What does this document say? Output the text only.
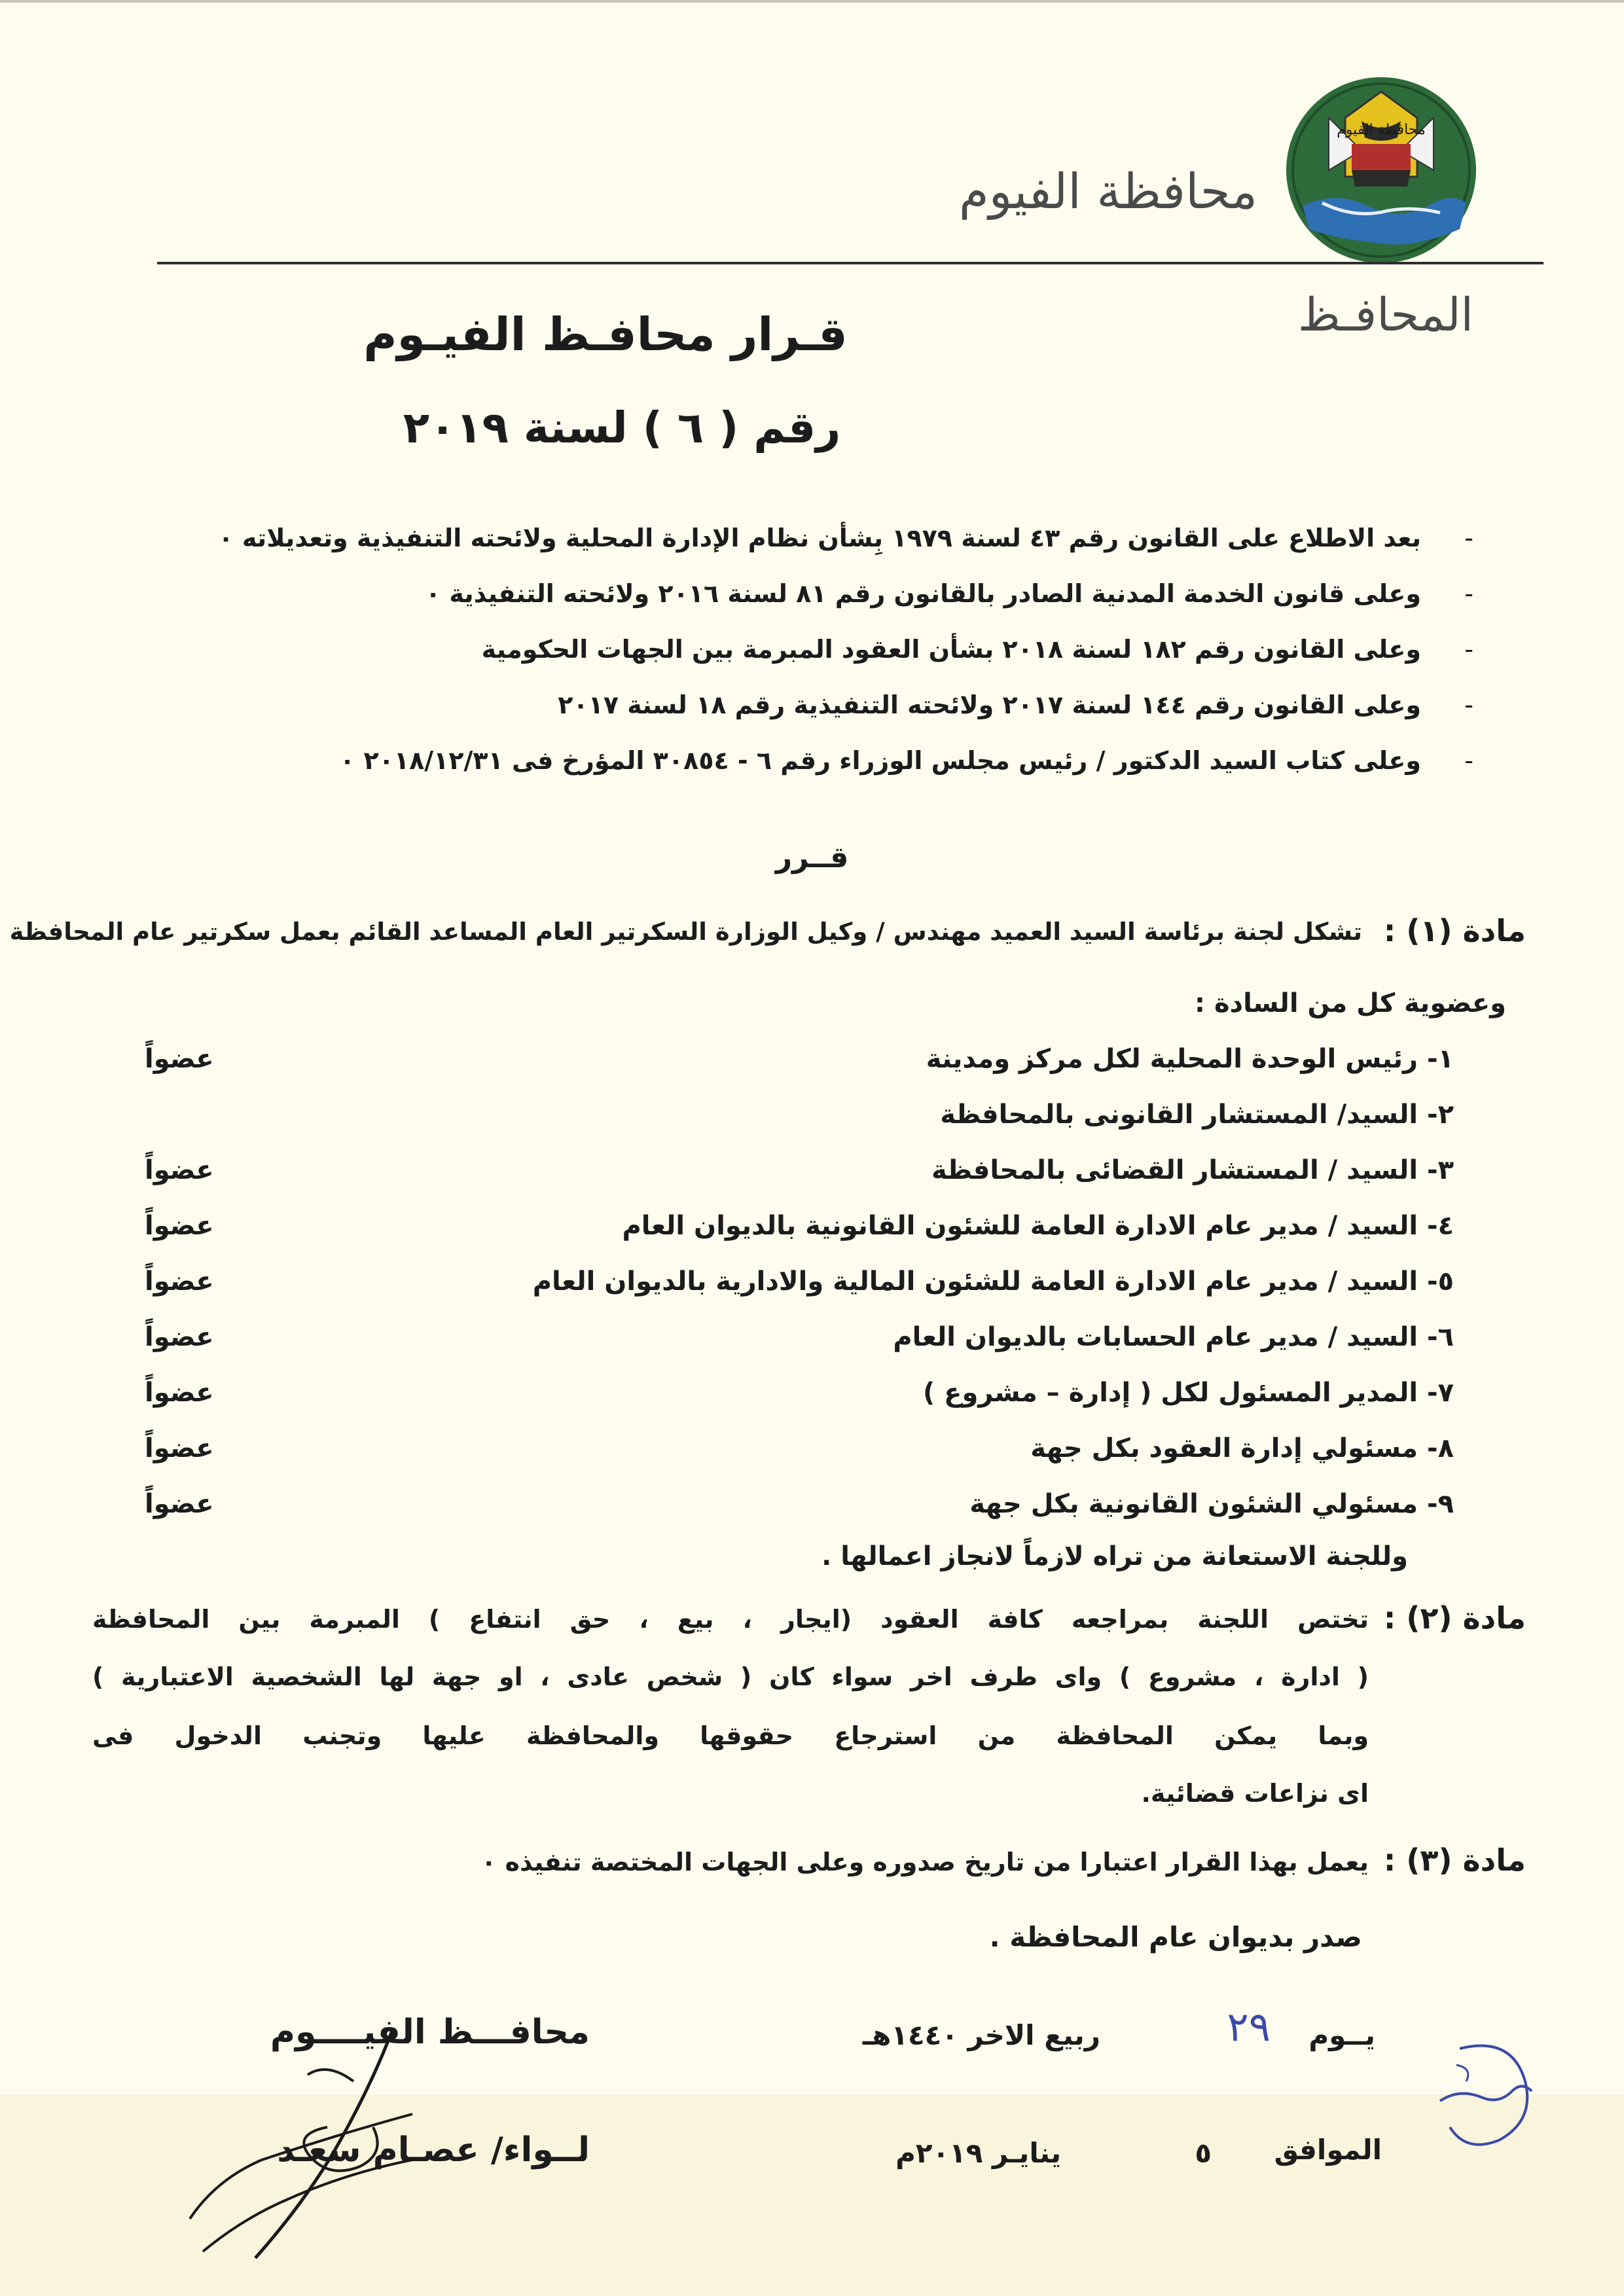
محافظة الفيوم
محافظة الفيوم
المحافـظ
قـرار محافـظ الفيـوم
رقم ( ٦ ) لسنة ٢٠١٩
-بعد الاطلاع على القانون رقم ٤٣ لسنة ١٩٧٩ بِشأن نظام الإدارة المحلية ولائحته التنفيذية وتعديلاته ٠
-وعلى قانون الخدمة المدنية الصادر بالقانون رقم ٨١ لسنة ٢٠١٦ ولائحته التنفيذية ٠
-وعلى القانون رقم ١٨٢ لسنة ٢٠١٨ بشأن العقود المبرمة بين الجهات الحكومية
-وعلى القانون رقم ١٤٤ لسنة ٢٠١٧ ولائحته التنفيذية رقم ١٨ لسنة ٢٠١٧
-وعلى كتاب السيد الدكتور / رئيس مجلس الوزراء رقم ٦ - ٣٠٨٥٤ المؤرخ فى ٢٠١٨/١٢/٣١ ٠
قــرر
مادة (١) :
تشكل لجنة برئاسة السيد العميد مهندس / وكيل الوزارة السكرتير العام المساعد القائم بعمل سكرتير عام المحافظة
وعضوية كل من السادة :
١- رئيس الوحدة المحلية لكل مركز ومدينة
عضواً
٢- السيد/ المستشار القانونى بالمحافظة
٣- السيد / المستشار القضائى بالمحافظة
عضواً
٤- السيد / مدير عام الادارة العامة للشئون القانونية بالديوان العام
عضواً
٥- السيد / مدير عام الادارة العامة للشئون المالية والادارية بالديوان العام
عضواً
٦- السيد / مدير عام الحسابات بالديوان العام
عضواً
٧- المدير المسئول لكل ( إدارة – مشروع )
عضواً
٨- مسئولي إدارة العقود بكل جهة
عضواً
٩- مسئولي الشئون القانونية بكل جهة
عضواً
وللجنة الاستعانة من تراه لازماً لانجاز اعمالها .
مادة (٢) :
تختص اللجنة بمراجعه كافة العقود (ايجار ، بيع ، حق انتفاع ) المبرمة بين المحافظة
( ادارة ، مشروع ) واى طرف اخر سواء كان ( شخص عادى ، او جهة لها الشخصية الاعتبارية )
وبما يمكن المحافظة من استرجاع حقوقها والمحافظة عليها وتجنب الدخول فى
اى نزاعات قضائية.
مادة (٣) :
يعمل بهذا القرار اعتبارا من تاريخ صدوره وعلى الجهات المختصة تنفيذه ٠
صدر بديوان عام المحافظة .
يــوم
٢٩
ربيع الاخر ١٤٤٠هـ
الموافق
٥
ينايـر ٢٠١٩م
محافـــظ الفيــــوم
لــواء/ عصـام سعـد
